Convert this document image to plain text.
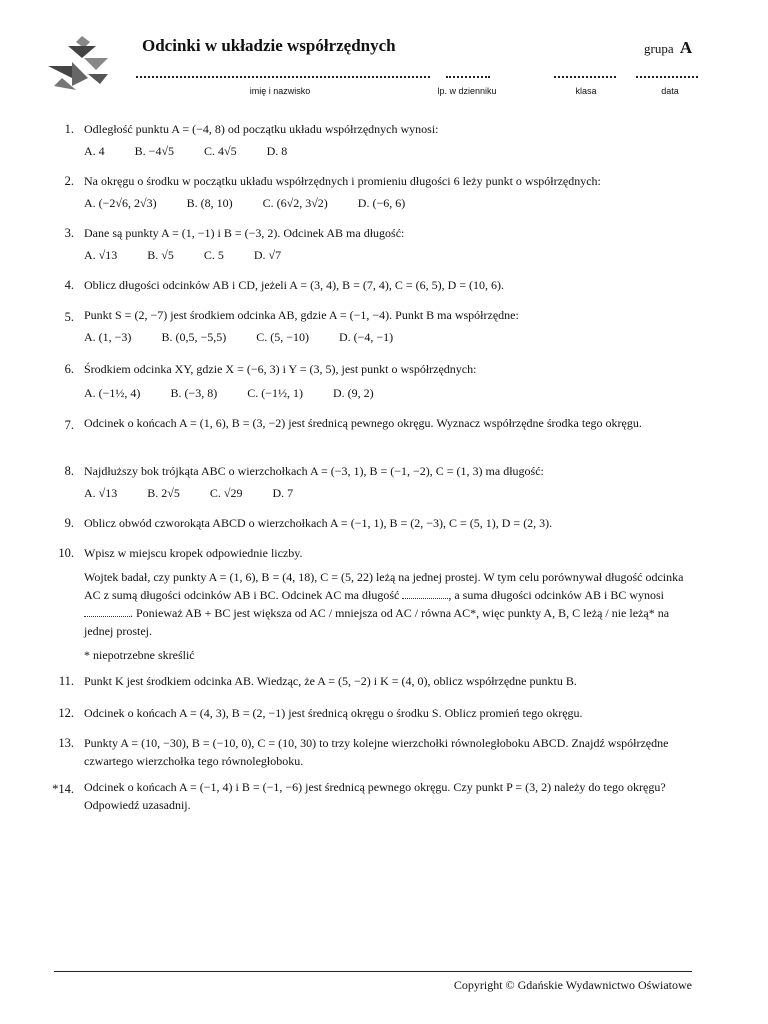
Odcinki w układzie współrzędnych	grupa A
imię i nazwisko	lp. w dzienniku	klasa	data
1. Odległość punktu A = (−4, 8) od początku układu współrzędnych wynosi:
A. 4	B. −4√5	C. 4√5	D. 8
2. Na okręgu o środku w początku układu współrzędnych i promieniu długości 6 leży punkt o współrzędnych:
A. (−2√6, 2√3)	B. (8, 10)	C. (6√2, 3√2)	D. (−6, 6)
3. Dane są punkty A = (1, −1) i B = (−3, 2). Odcinek AB ma długość:
A. √13	B. √5	C. 5	D. √7
4. Oblicz długości odcinków AB i CD, jeżeli A = (3, 4), B = (7, 4), C = (6, 5), D = (10, 6).
5. Punkt S = (2, −7) jest środkiem odcinka AB, gdzie A = (−1, −4). Punkt B ma współrzędne:
A. (1, −3)	B. (0,5, −5,5)	C. (5, −10)	D. (−4, −1)
6. Środkiem odcinka XY, gdzie X = (−6, 3) i Y = (3, 5), jest punkt o współrzędnych:
A. (−1½, 4)	B. (−3, 8)	C. (−1½, 1)	D. (9, 2)
7. Odcinek o końcach A = (1, 6), B = (3, −2) jest średnicą pewnego okręgu. Wyznacz współrzędne środka tego okręgu.
8. Najdłuższy bok trójkąta ABC o wierzchołkach A = (−3, 1), B = (−1, −2), C = (1, 3) ma długość:
A. √13	B. 2√5	C. √29	D. 7
9. Oblicz obwód czworokąta ABCD o wierzchołkach A = (−1, 1), B = (2, −3), C = (5, 1), D = (2, 3).
10. Wpisz w miejscu kropek odpowiednie liczby.
Wojtek badał, czy punkty A = (1, 6), B = (4, 18), C = (5, 22) leżą na jednej prostej. W tym celu porównywał długość odcinka AC z sumą długości odcinków AB i BC. Odcinek AC ma długość	, a suma długości odcinków AB i BC wynosi . Ponieważ AB + BC jest większa od AC / mniejsza od AC / równa AC*, więc punkty A, B, C leżą / nie leżą* na jednej prostej.
* niepotrzebne skreślić
11. Punkt K jest środkiem odcinka AB. Wiedząc, że A = (5, −2) i K = (4, 0), oblicz współrzędne punktu B.
12. Odcinek o końcach A = (4, 3), B = (2, −1) jest średnicą okręgu o środku S. Oblicz promień tego okręgu.
13. Punkty A = (10, −30), B = (−10, 0), C = (10, 30) to trzy kolejne wierzchołki równoległoboku ABCD. Znajdź współrzędne czwartego wierzchołka tego równoległoboku.
*14. Odcinek o końcach A = (−1, 4) i B = (−1, −6) jest średnicą pewnego okręgu. Czy punkt P = (3, 2) należy do tego okręgu? Odpowiedź uzasadnij.
Copyright © Gdańskie Wydawnictwo Oświatowe
